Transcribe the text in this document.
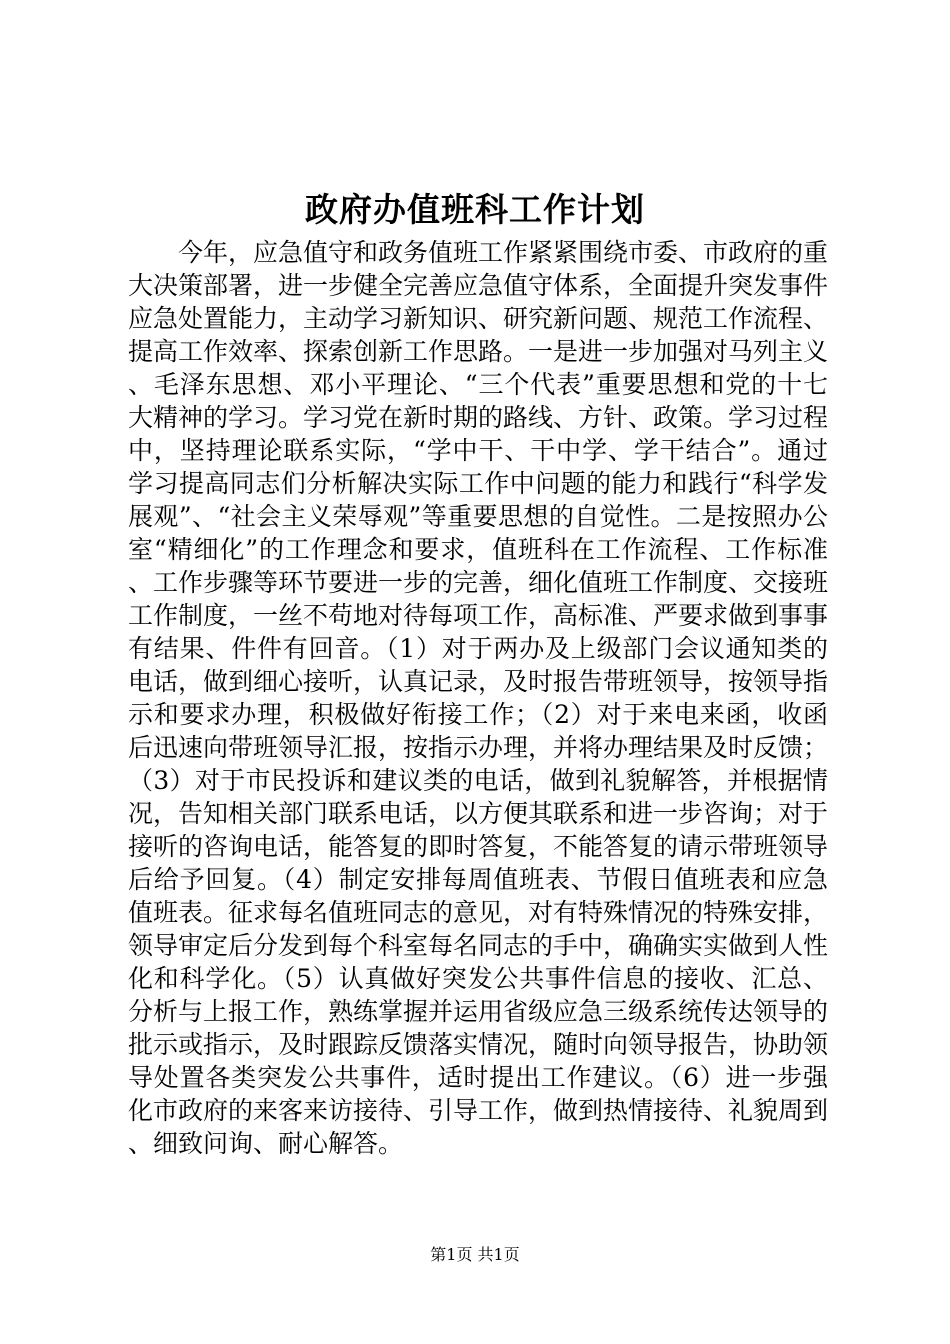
政府办值班科工作计划

今年，应急值守和政务值班工作紧紧围绕市委、市政府的重大决策部署，进一步健全完善应急值守体系，全面提升突发事件应急处置能力，主动学习新知识、研究新问题、规范工作流程、提高工作效率、探索创新工作思路。一是进一步加强对马列主义、毛泽东思想、邓小平理论、“三个代表”重要思想和党的十七大精神的学习。学习党在新时期的路线、方针、政策。学习过程中，坚持理论联系实际，“学中干、干中学、学干结合”。通过学习提高同志们分析解决实际工作中问题的能力和践行“科学发展观”、“社会主义荣辱观”等重要思想的自觉性。二是按照办公室“精细化”的工作理念和要求，值班科在工作流程、工作标准、工作步骤等环节要进一步的完善，细化值班工作制度、交接班工作制度，一丝不苟地对待每项工作，高标准、严要求做到事事有结果、件件有回音。（1）对于两办及上级部门会议通知类的电话，做到细心接听，认真记录，及时报告带班领导，按领导指示和要求办理，积极做好衔接工作；（2）对于来电来函，收函后迅速向带班领导汇报，按指示办理，并将办理结果及时反馈；（3）对于市民投诉和建议类的电话，做到礼貌解答，并根据情况，告知相关部门联系电话，以方便其联系和进一步咨询；对于接听的咨询电话，能答复的即时答复，不能答复的请示带班领导后给予回复。（4）制定安排每周值班表、节假日值班表和应急值班表。征求每名值班同志的意见，对有特殊情况的特殊安排，领导审定后分发到每个科室每名同志的手中，确确实实做到人性化和科学化。（5）认真做好突发公共事件信息的接收、汇总、分析与上报工作，熟练掌握并运用省级应急三级系统传达领导的批示或指示，及时跟踪反馈落实情况，随时向领导报告，协助领导处置各类突发公共事件，适时提出工作建议。（6）进一步强化市政府的来客来访接待、引导工作，做到热情接待、礼貌周到、细致问询、耐心解答。

第1页 共1页
